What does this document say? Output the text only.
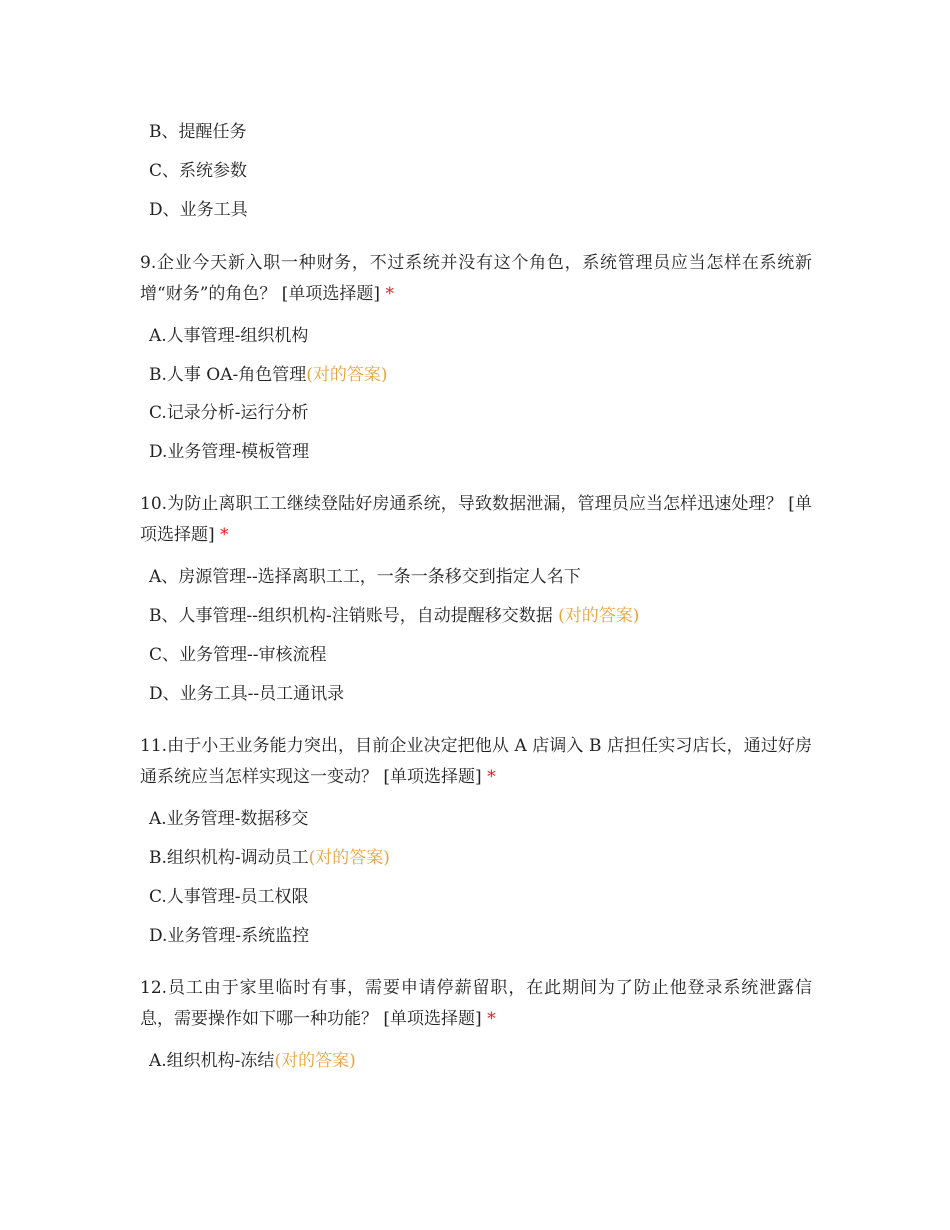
B、提醒任务
C、系统参数
D、业务工具
9.企业今天新入职一种财务，不过系统并没有这个角色，系统管理员应当怎样在系统新增“财务”的角色？ [单项选择题] *
A.人事管理-组织机构
B.人事 OA-角色管理(对的答案)
C.记录分析-运行分析
D.业务管理-模板管理
10.为防止离职工工继续登陆好房通系统，导致数据泄漏，管理员应当怎样迅速处理？ [单项选择题] *
A、房源管理--选择离职工工，一条一条移交到指定人名下
B、人事管理--组织机构-注销账号，自动提醒移交数据 (对的答案)
C、业务管理--审核流程
D、业务工具--员工通讯录
11.由于小王业务能力突出，目前企业决定把他从 A 店调入 B 店担任实习店长，通过好房通系统应当怎样实现这一变动？ [单项选择题] *
A.业务管理-数据移交
B.组织机构-调动员工(对的答案)
C.人事管理-员工权限
D.业务管理-系统监控
12.员工由于家里临时有事，需要申请停薪留职，在此期间为了防止他登录系统泄露信息，需要操作如下哪一种功能？ [单项选择题] *
A.组织机构-冻结(对的答案)
